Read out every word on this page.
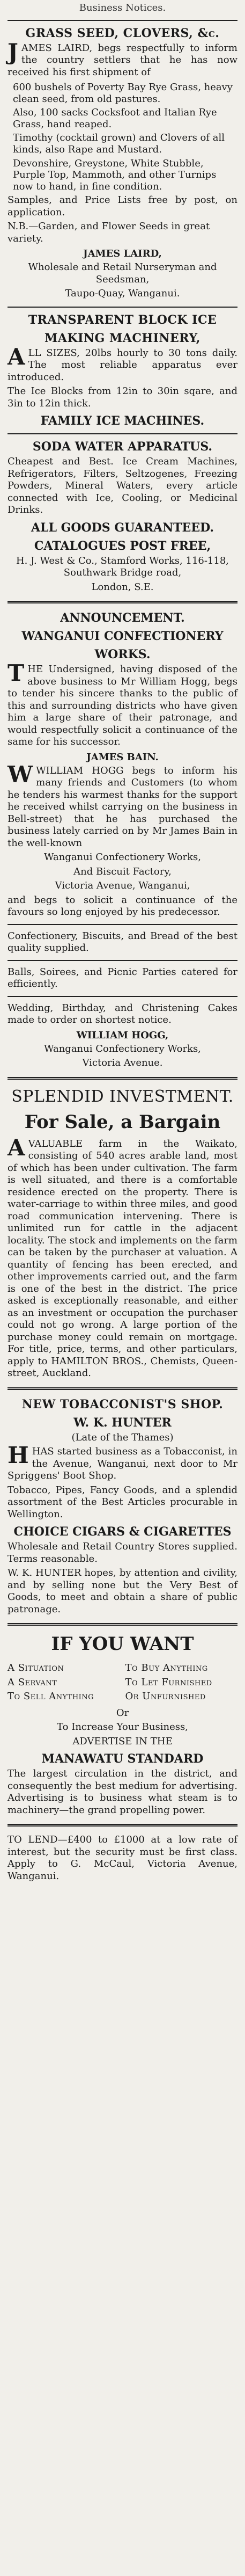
Business Notices.
GRASS SEED, CLOVERS, &c.
J AMES LAIRD, begs respectfully to inform the country settlers that he has now received his first shipment of
600 bushels of Poverty Bay Rye Grass, heavy clean seed, from old pastures.
Also, 100 sacks Cocksfoot and Italian Rye Grass, hand reaped.
Timothy (cocktail grown) and Clovers of all kinds, also Rape and Mustard.
Devonshire, Greystone, White Stubble, Purple Top, Mammoth, and other Turnips now to hand, in fine condition.
Samples, and Price Lists free by post, on application.
N.B.—Garden, and Flower Seeds in great variety.
JAMES LAIRD,
Wholesale and Retail Nurseryman and Seedsman,
Taupo-Quay, Wanganui.
TRANSPARENT BLOCK ICE
MAKING MACHINERY,
A LL SIZES, 20lbs hourly to 30 tons daily. The most reliable apparatus ever introduced.
The Ice Blocks from 12in to 30in sqare, and 3in to 12in thick.
FAMILY ICE MACHINES.
SODA WATER APPARATUS.
Cheapest and Best. Ice Cream Machines, Refrigerators, Filters, Seltzogenes, Freezing Powders, Mineral Waters, every article connected with Ice, Cooling, or Medicinal Drinks.
ALL GOODS GUARANTEED.
CATALOGUES POST FREE,
H. J. West & Co., Stamford Works, 116-118, Southwark Bridge road,
London, S.E.
ANNOUNCEMENT.
WANGANUI CONFECTIONERY
WORKS.
T HE Undersigned, having disposed of the above business to Mr William Hogg, begs to tender his sincere thanks to the public of this and surrounding districts who have given him a large share of their patronage, and would respectfully solicit a continuance of the same for his successor.
JAMES BAIN.
W WILLIAM HOGG begs to inform his many friends and Customers (to whom he tenders his warmest thanks for the support he received whilst carrying on the business in Bell-street) that he has purchased the business lately carried on by Mr James Bain in the well-known
Wanganui Confectionery Works,
And Biscuit Factory,
Victoria Avenue, Wanganui,
and begs to solicit a continuance of the favours so long enjoyed by his predecessor.
Confectionery, Biscuits, and Bread of the best quality supplied.
Balls, Soirees, and Picnic Parties catered for efficiently.
Wedding, Birthday, and Christening Cakes made to order on shortest notice.
WILLIAM HOGG,
Wanganui Confectionery Works,
Victoria Avenue.
SPLENDID INVESTMENT.
For Sale, a Bargain
A VALUABLE farm in the Waikato, consisting of 540 acres arable land, most of which has been under cultivation. The farm is well situated, and there is a comfortable residence erected on the property. There is water-carriage to within three miles, and good road communication intervening. There is unlimited run for cattle in the adjacent locality. The stock and implements on the farm can be taken by the purchaser at valuation. A quantity of fencing has been erected, and other improvements carried out, and the farm is one of the best in the district. The price asked is exceptionally reasonable, and either as an investment or occupation the purchaser could not go wrong. A large portion of the purchase money could remain on mortgage. For title, price, terms, and other particulars, apply to HAMILTON BROS., Chemists, Queen-street, Auckland.
NEW TOBACCONIST'S SHOP.
W. K. HUNTER
(Late of the Thames)
H HAS started business as a Tobacconist, in the Avenue, Wanganui, next door to Mr Spriggens' Boot Shop.
Tobacco, Pipes, Fancy Goods, and a splendid assortment of the Best Articles procurable in Wellington.
CHOICE CIGARS & CIGARETTES
Wholesale and Retail Country Stores supplied. Terms reasonable.
W. K. HUNTER hopes, by attention and civility, and by selling none but the Very Best of Goods, to meet and obtain a share of public patronage.
IF YOU WANT
A Situation
A Servant
To Sell Anything
To Buy Anything
To Let Furnished
Or Unfurnished
Or
To Increase Your Business,
ADVERTISE IN THE
MANAWATU STANDARD
The largest circulation in the district, and consequently the best medium for advertising. Advertising is to business what steam is to machinery—the grand propelling power.
TO LEND—£400 to £1000 at a low rate of interest, but the security must be first class. Apply to G. McCaul, Victoria Avenue, Wanganui.
